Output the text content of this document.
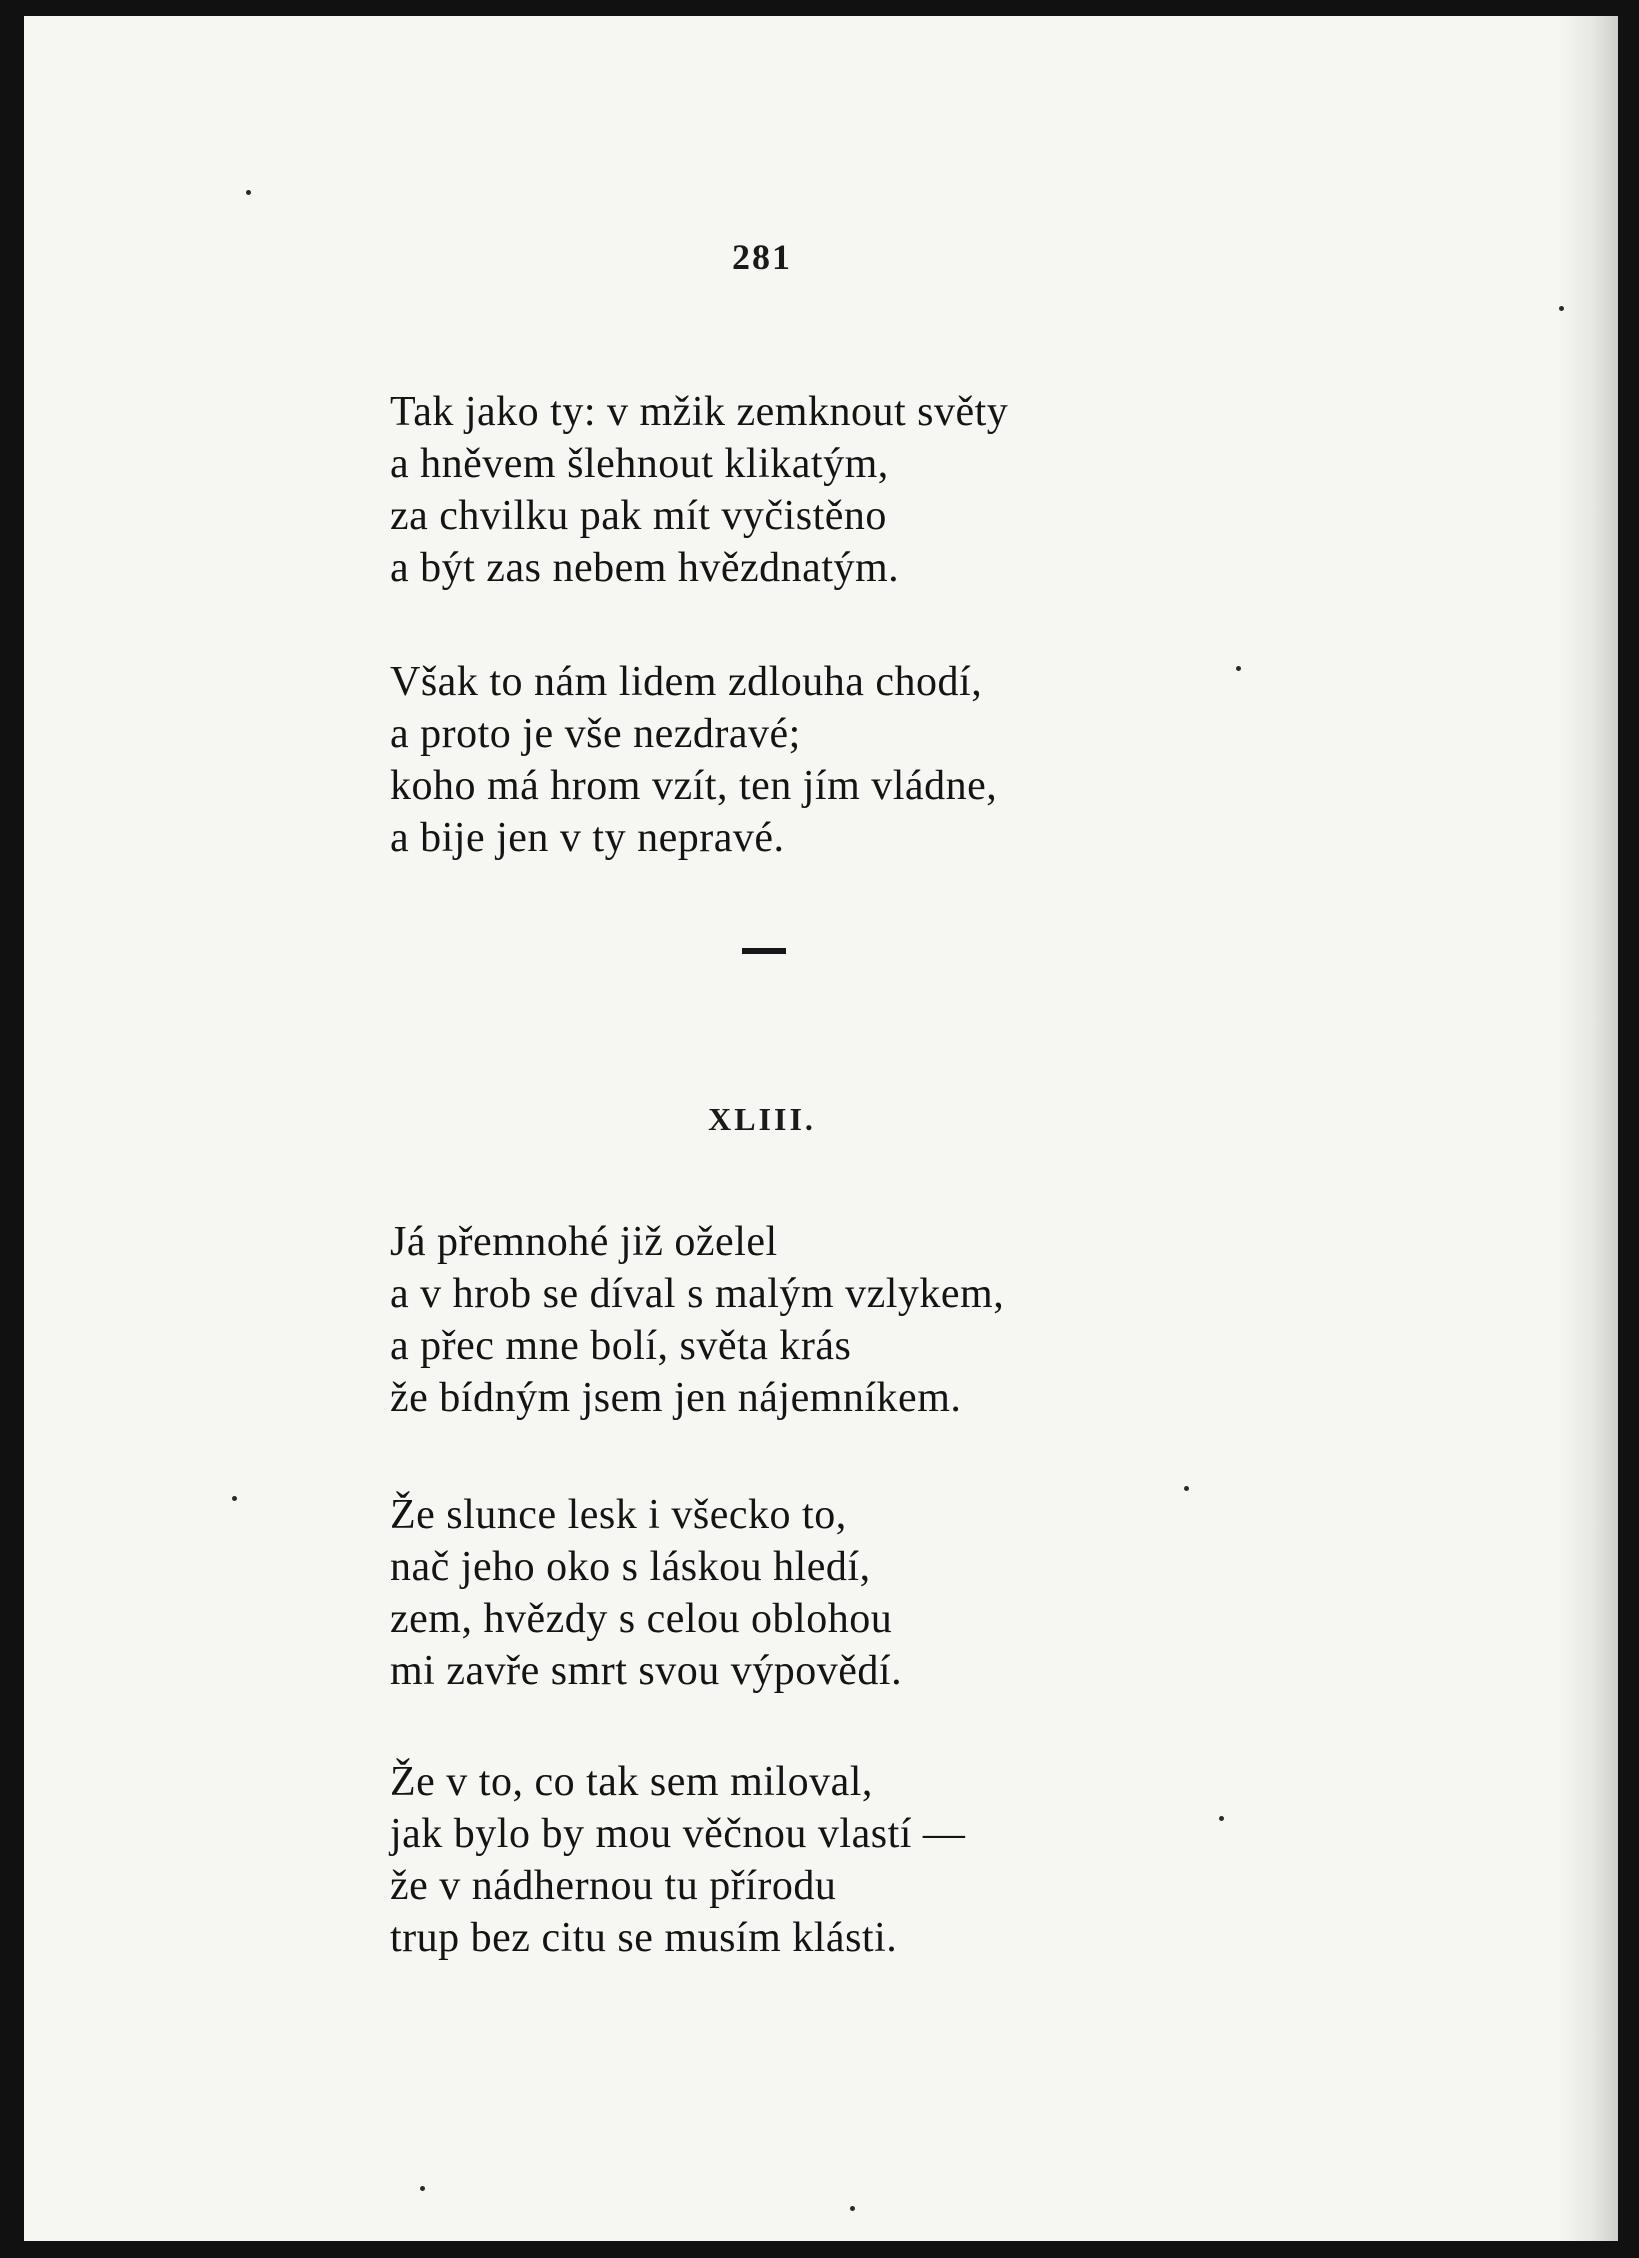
281
Tak jako ty: v mžik zemknout světy
a hněvem šlehnout klikatým,
za chvilku pak mít vyčistěno
a být zas nebem hvězdnatým.
Však to nám lidem zdlouha chodí,
a proto je vše nezdravé;
koho má hrom vzít, ten jím vládne,
a bije jen v ty nepravé.
XLIII.
Já přemnohé již oželel
a v hrob se díval s malým vzlykem,
a přec mne bolí, světa krás
že bídným jsem jen nájemníkem.
Že slunce lesk i všecko to,
nač jeho oko s láskou hledí,
zem, hvězdy s celou oblohou
mi zavře smrt svou výpovědí.
Že v to, co tak sem miloval,
jak bylo by mou věčnou vlastí —
že v nádhernou tu přírodu
trup bez citu se musím klásti.
